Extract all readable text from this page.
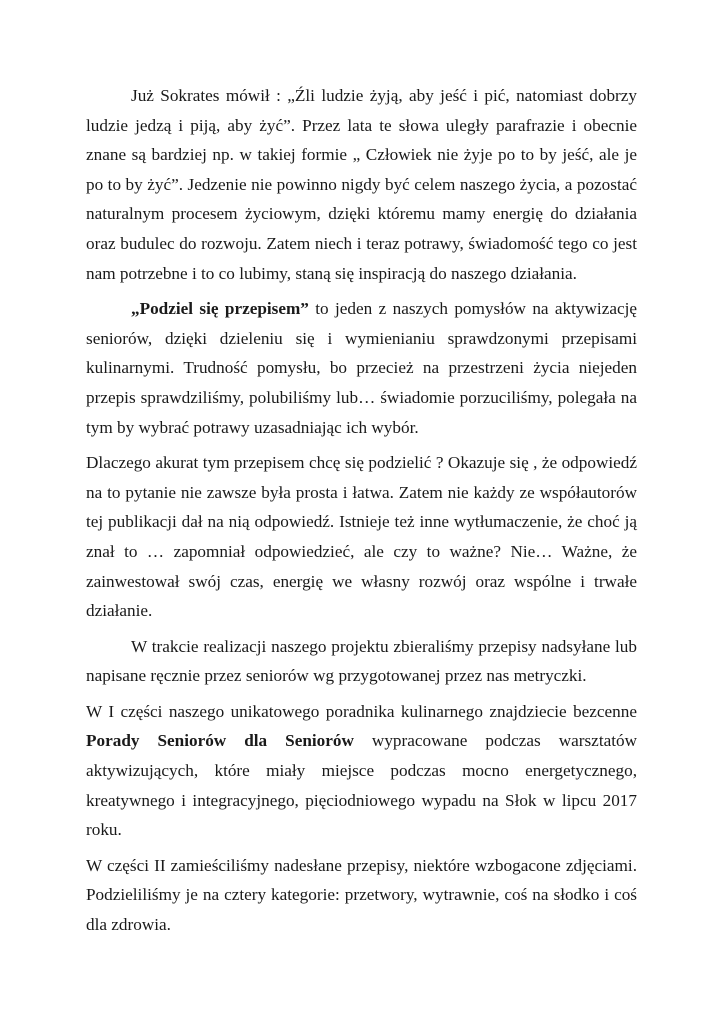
Już Sokrates mówił : „Źli ludzie żyją, aby jeść i pić, natomiast dobrzy ludzie jedzą i piją, aby żyć”. Przez lata te słowa uległy parafrazie i obecnie znane są bardziej np. w takiej formie „ Człowiek nie żyje po to by jeść, ale je po to by żyć”. Jedzenie nie powinno nigdy być celem naszego życia, a pozostać naturalnym procesem życiowym, dzięki któremu mamy energię do działania oraz budulec do rozwoju. Zatem niech i teraz potrawy, świadomość tego co jest nam potrzebne i to co lubimy, staną się inspiracją do naszego działania.

„Podziel się przepisem” to jeden z naszych pomysłów na aktywizację seniorów, dzięki dzieleniu się i wymienianiu sprawdzonymi przepisami kulinarnymi. Trudność pomysłu, bo przecież na przestrzeni życia niejeden przepis sprawdziliśmy, polubiliśmy lub… świadomie porzuciliśmy, polegała na tym by wybrać potrawy uzasadniając ich wybór.

Dlaczego akurat tym przepisem chcę się podzielić ? Okazuje się , że odpowiedź na to pytanie nie zawsze była prosta i łatwa. Zatem nie każdy ze współautorów tej publikacji dał na nią odpowiedź. Istnieje też inne wytłumaczenie, że choć ją znał to … zapomniał odpowiedzieć, ale czy to ważne? Nie… Ważne, że zainwestował swój czas, energię we własny rozwój oraz wspólne i trwałe działanie.

W trakcie realizacji naszego projektu zbieraliśmy przepisy nadsyłane lub napisane ręcznie przez seniorów wg przygotowanej przez nas metryczki.

W I części naszego unikatowego poradnika kulinarnego znajdziecie bezcenne Porady Seniorów dla Seniorów wypracowane podczas warsztatów aktywizujących, które miały miejsce podczas mocno energetycznego, kreatywnego i integracyjnego, pięciodniowego wypadu na Słok w lipcu 2017 roku.

W części II zamieściliśmy nadesłane przepisy, niektóre wzbogacone zdjęciami. Podzieliliśmy je na cztery kategorie: przetwory, wytrawnie, coś na słodko i coś dla zdrowia.
